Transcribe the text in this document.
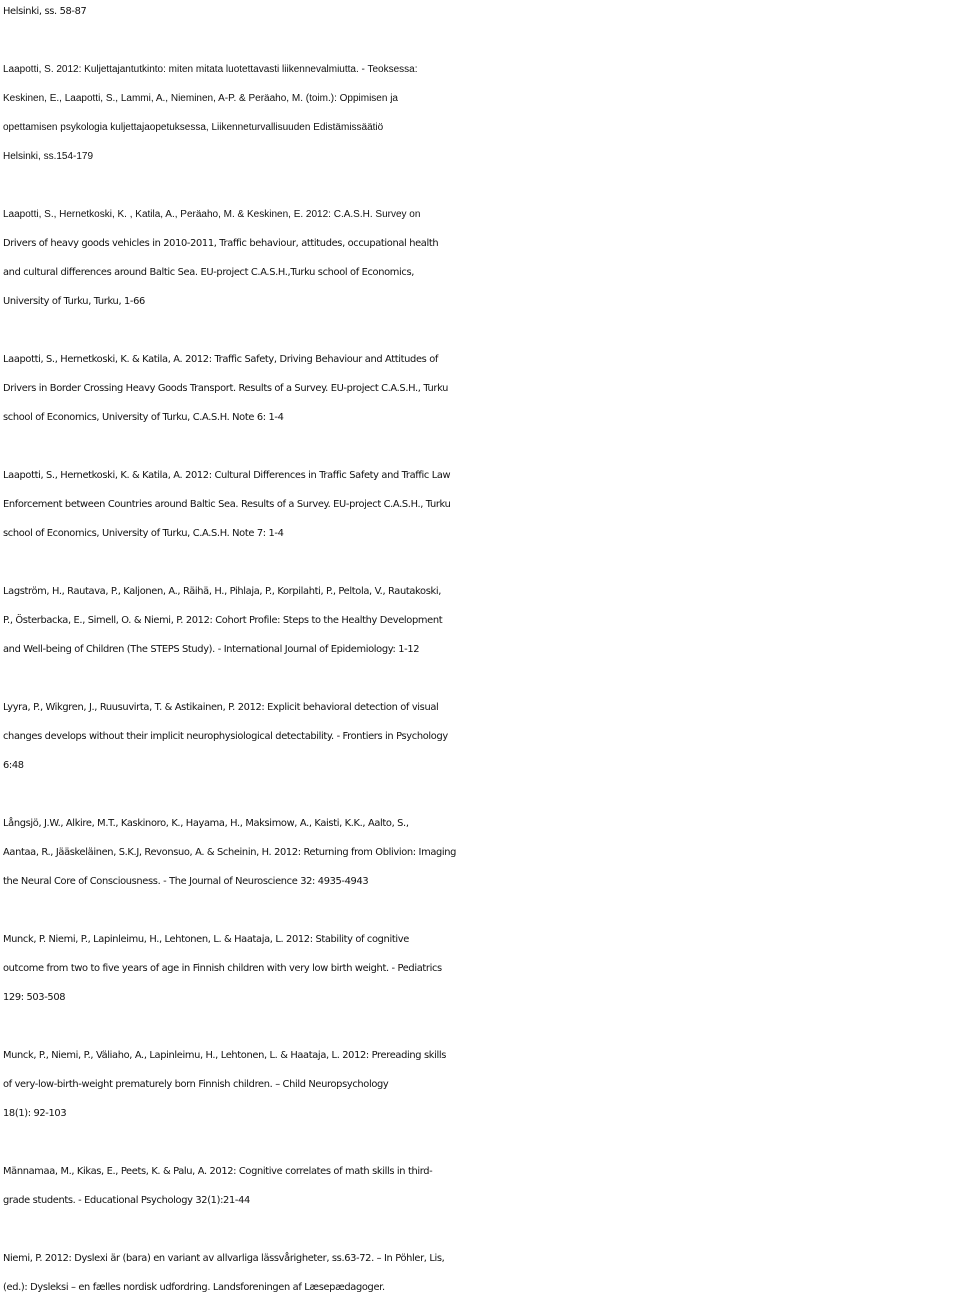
Helsinki, ss. 58-87
Laapotti, S. 2012: Kuljettajantutkinto: miten mitata luotettavasti liikennevalmiutta. - Teoksessa:
Keskinen, E., Laapotti, S., Lammi, A., Nieminen, A-P. & Peräaho, M. (toim.): Oppimisen ja
opettamisen psykologia kuljettajaopetuksessa, Liikenneturvallisuuden Edistämissäätiö
Helsinki, ss.154-179
Laapotti, S., Hernetkoski, K. , Katila, A., Peräaho, M. & Keskinen, E. 2012: C.A.S.H. Survey on
Drivers of heavy goods vehicles in 2010-2011, Traffic behaviour, attitudes, occupational health
and cultural differences around Baltic Sea. EU-project C.A.S.H.,Turku school of Economics,
University of Turku, Turku, 1-66
Laapotti, S., Hernetkoski, K. & Katila, A. 2012: Traffic Safety, Driving Behaviour and Attitudes of
Drivers in Border Crossing Heavy Goods Transport. Results of a Survey. EU-project C.A.S.H., Turku
school of Economics, University of Turku, C.A.S.H. Note 6: 1-4
Laapotti, S., Hernetkoski, K. & Katila, A. 2012: Cultural Differences in Traffic Safety and Traffic Law
Enforcement between Countries around Baltic Sea. Results of a Survey. EU-project C.A.S.H., Turku
school of Economics, University of Turku, C.A.S.H. Note 7: 1-4
Lagström, H., Rautava, P., Kaljonen, A., Räihä, H., Pihlaja, P., Korpilahti, P., Peltola, V., Rautakoski,
P., Österbacka, E., Simell, O. & Niemi, P. 2012: Cohort Profile: Steps to the Healthy Development
and Well-being of Children (The STEPS Study). - International Journal of Epidemiology: 1-12
Lyyra, P., Wikgren, J., Ruusuvirta, T. & Astikainen, P. 2012: Explicit behavioral detection of visual
changes develops without their implicit neurophysiological detectability. - Frontiers in Psychology
6:48
Långsjö, J.W., Alkire, M.T., Kaskinoro, K., Hayama, H., Maksimow, A., Kaisti, K.K., Aalto, S.,
Aantaa, R., Jääskeläinen, S.K.J, Revonsuo, A. & Scheinin, H. 2012: Returning from Oblivion: Imaging
the Neural Core of Consciousness. - The Journal of Neuroscience 32: 4935-4943
Munck, P. Niemi, P., Lapinleimu, H., Lehtonen, L. & Haataja, L. 2012: Stability of cognitive
outcome from two to five years of age in Finnish children with very low birth weight. - Pediatrics
129: 503-508
Munck, P., Niemi, P., Väliaho, A., Lapinleimu, H., Lehtonen, L. & Haataja, L. 2012: Prereading skills
of very-low-birth-weight prematurely born Finnish children. – Child Neuropsychology
18(1): 92-103
Männamaa, M., Kikas, E., Peets, K. & Palu, A. 2012: Cognitive correlates of math skills in third-
grade students. - Educational Psychology 32(1):21-44
Niemi, P. 2012: Dyslexi är (bara) en variant av allvarliga lässvårigheter, ss.63-72. – In Pöhler, Lis,
(ed.): Dysleksi – en fælles nordisk udfordring. Landsforeningen af Læsepædagoger.
